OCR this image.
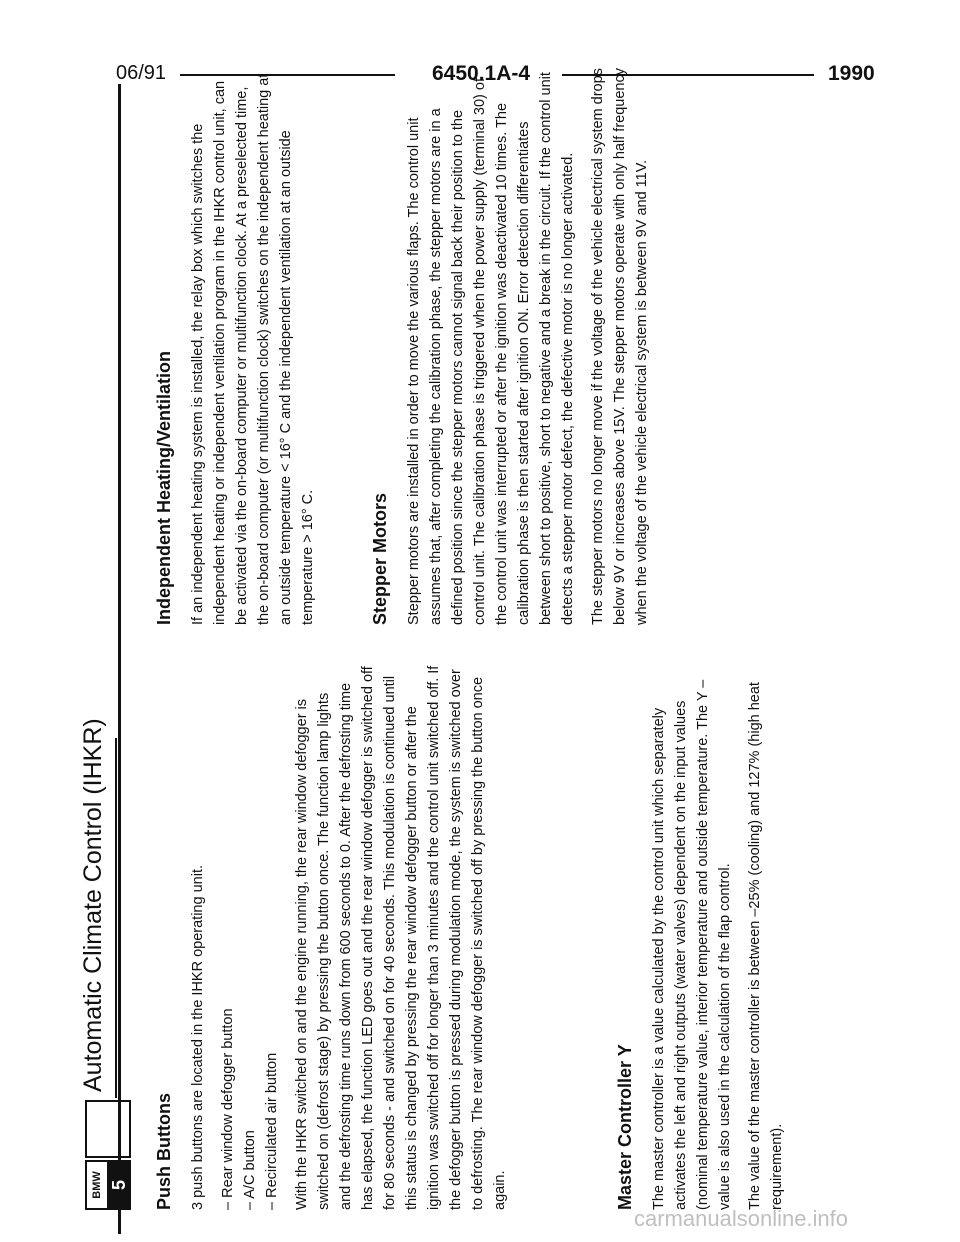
06/91	6450.1A-4	1990
BMW 5
Automatic Climate Control (IHKR)
Push Buttons 3 push buttons are located in the IHKR operating unit. – Rear window defogger button – A/C button – Recirculated air button With the IHKR switched on and the engine running, the rear window defogger is switched on (defrost stage) by pressing the button once. The function lamp lights and the defrosting time runs down from 600 seconds to 0. After the defrosting time has elapsed, the function LED goes out and the rear window defogger is switched off for 80 seconds - and switched on for 40 seconds. This modulation is continued until this status is changed by pressing the rear window defogger button or after the ignition was switched off for longer than 3 minutes and the control unit switched off. If the defogger button is pressed during modulation mode, the system is switched over to defrosting. The rear window defogger is switched off by pressing the button once again.	Master Controller Y The master controller is a value calculated by the control unit which separately activates the left and right outputs (water valves) dependent on the input values (nominal temperature value, interior temperature and outside temperature. The Y – value is also used in the calculation of the flap control. The value of the master controller is between –25% (cooling) and 127% (high heat requirement).

Independent Heating/Ventilation If an independent heating system is installed, the relay box which switches the independent heating or independent ventilation program in the IHKR control unit, can be activated via the on-board computer or multifunction clock. At a preselected time, the on-board computer (or multifunction clock) switches on the independent heating at an outside temperature < 16° C and the independent ventilation at an outside temperature > 16° C.	Stepper Motors Stepper motors are installed in order to move the various flaps. The control unit assumes that, after completing the calibration phase, the stepper motors are in a defined position since the stepper motors cannot signal back their position to the control unit. The calibration phase is triggered when the power supply (terminal 30) of the control unit was interrupted or after the ignition was deactivated 10 times. The calibration phase is then started after ignition ON. Error detection differentiates between short to positive, short to negative and a break in the circuit. If the control unit detects a stepper motor defect, the defective motor is no longer activated. The stepper motors no longer move if the voltage of the vehicle electrical system drops below 9V or increases above 15V. The stepper motors operate with only half frequency when the voltage of the vehicle electrical system is between 9V and 11V.

carmanualsonline.info
